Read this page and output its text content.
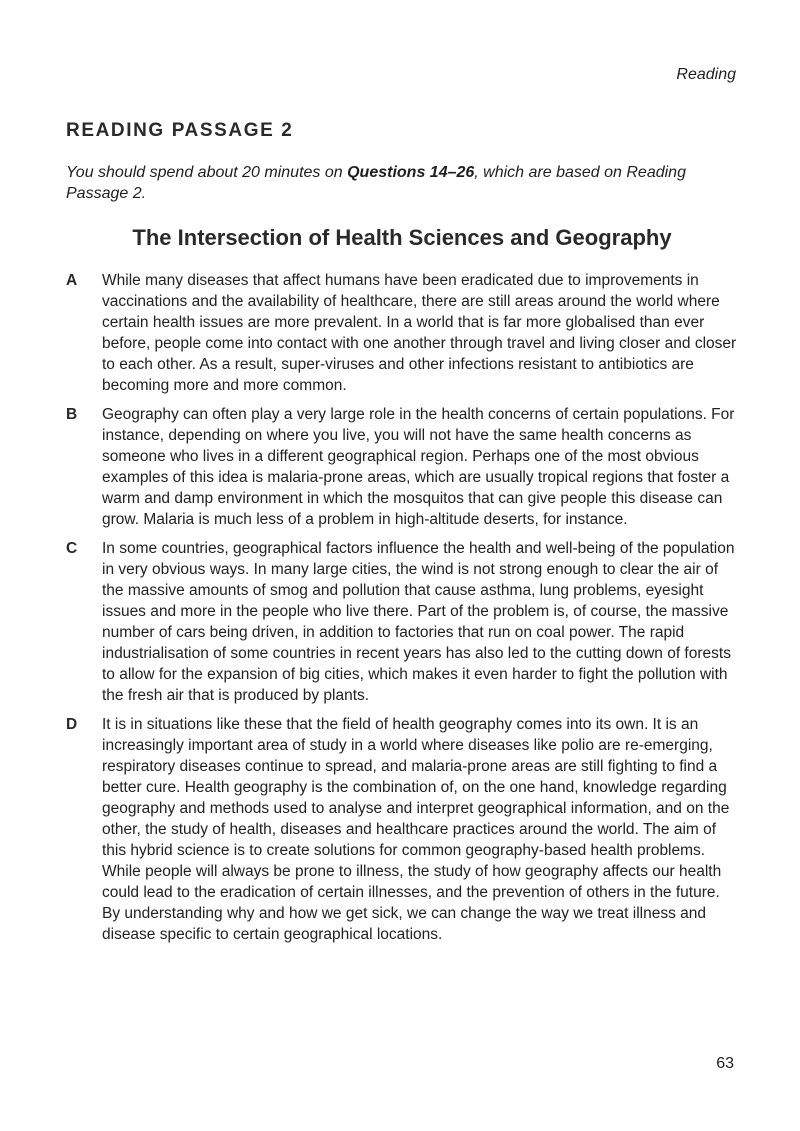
Reading
READING PASSAGE 2
You should spend about 20 minutes on Questions 14–26, which are based on Reading Passage 2.
The Intersection of Health Sciences and Geography
A	While many diseases that affect humans have been eradicated due to improvements in vaccinations and the availability of healthcare, there are still areas around the world where certain health issues are more prevalent. In a world that is far more globalised than ever before, people come into contact with one another through travel and living closer and closer to each other. As a result, super-viruses and other infections resistant to antibiotics are becoming more and more common.
B	Geography can often play a very large role in the health concerns of certain populations. For instance, depending on where you live, you will not have the same health concerns as someone who lives in a different geographical region. Perhaps one of the most obvious examples of this idea is malaria-prone areas, which are usually tropical regions that foster a warm and damp environment in which the mosquitos that can give people this disease can grow. Malaria is much less of a problem in high-altitude deserts, for instance.
C	In some countries, geographical factors influence the health and well-being of the population in very obvious ways. In many large cities, the wind is not strong enough to clear the air of the massive amounts of smog and pollution that cause asthma, lung problems, eyesight issues and more in the people who live there. Part of the problem is, of course, the massive number of cars being driven, in addition to factories that run on coal power. The rapid industrialisation of some countries in recent years has also led to the cutting down of forests to allow for the expansion of big cities, which makes it even harder to fight the pollution with the fresh air that is produced by plants.
D	It is in situations like these that the field of health geography comes into its own. It is an increasingly important area of study in a world where diseases like polio are re-emerging, respiratory diseases continue to spread, and malaria-prone areas are still fighting to find a better cure. Health geography is the combination of, on the one hand, knowledge regarding geography and methods used to analyse and interpret geographical information, and on the other, the study of health, diseases and healthcare practices around the world. The aim of this hybrid science is to create solutions for common geography-based health problems. While people will always be prone to illness, the study of how geography affects our health could lead to the eradication of certain illnesses, and the prevention of others in the future. By understanding why and how we get sick, we can change the way we treat illness and disease specific to certain geographical locations.
63
